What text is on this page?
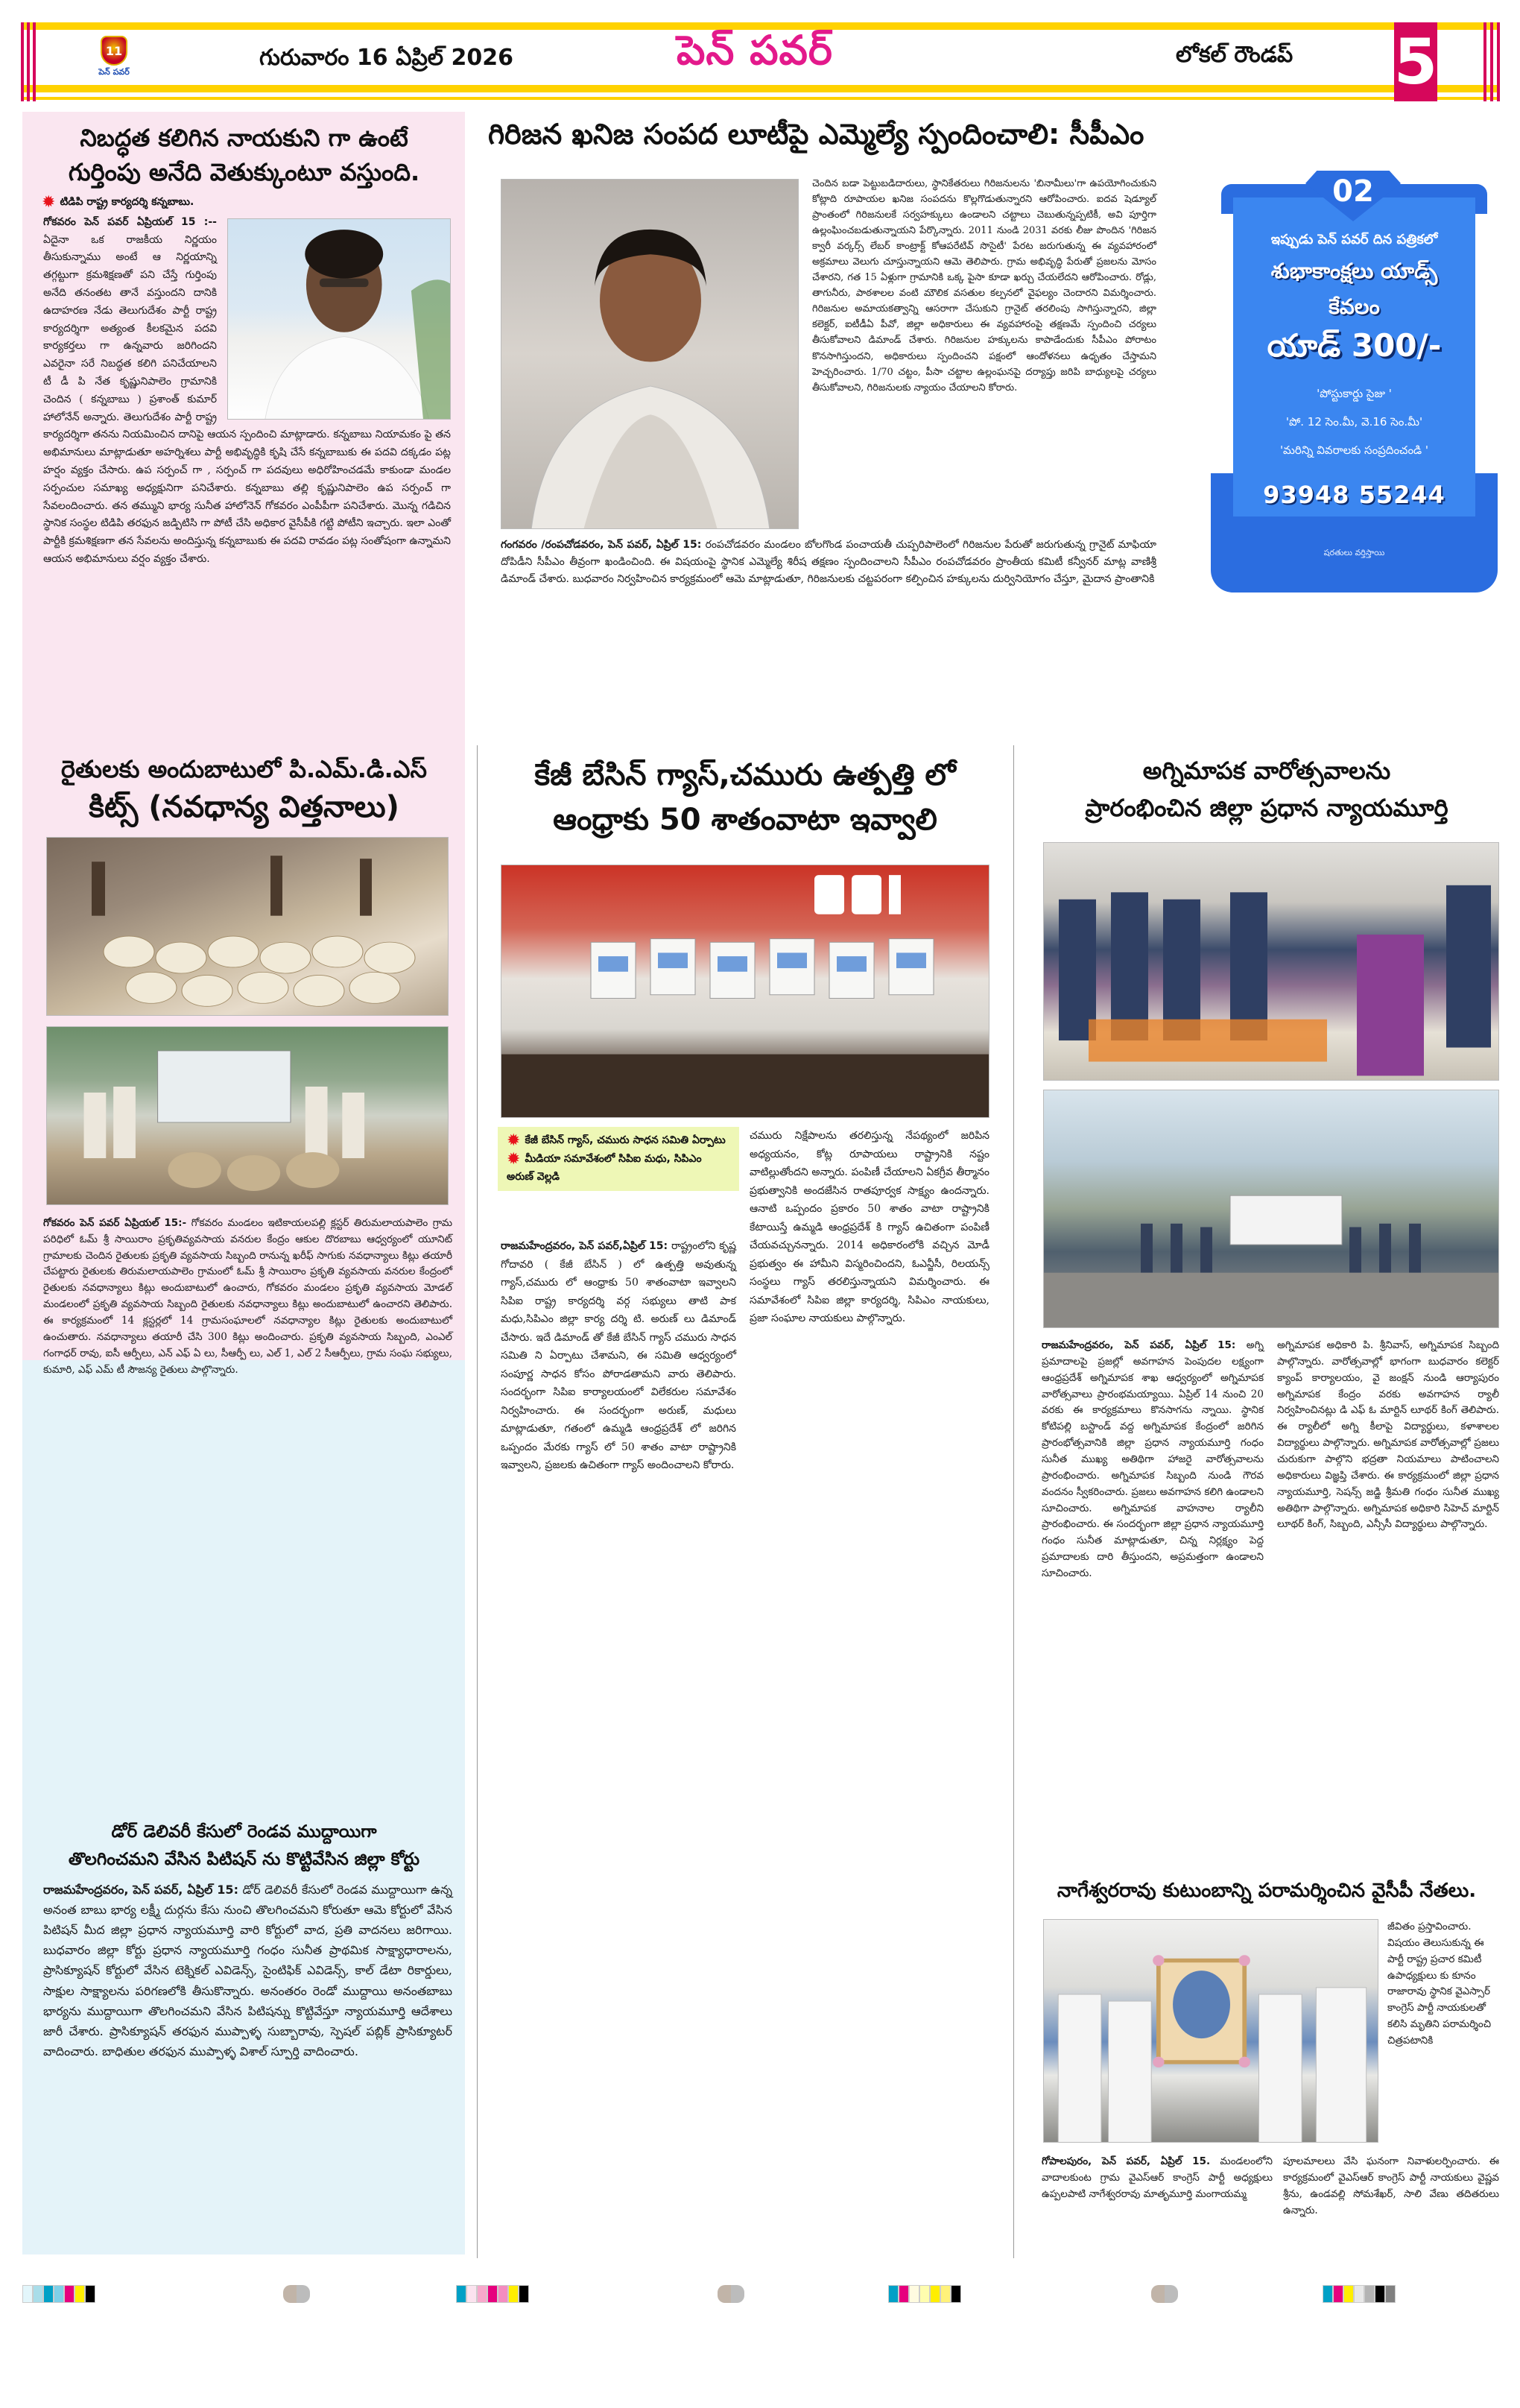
11
పెన్ పవర్
గురువారం 16 ఏప్రిల్ 2026	పెన్ పవర్	లోకల్ రౌండప్ 5
నిబద్ధత కలిగిన నాయకుని గా ఉంటే
గుర్తింపు అనేది వెతుక్కుంటూ వస్తుంది.
✹ టిడిపి రాష్ట్ర కార్యదర్శి కన్నబాబు.
గోకవరం పెన్ పవర్ ఏప్రియల్ 15 :-- ఏదైనా ఒక రాజకీయ నిర్ణయం తీసుకున్నాము అంటే ఆ నిర్ణయాన్ని తగ్గట్టుగా క్రమశిక్షణతో పని చేస్తే గుర్తింపు అనేది తనంతట తానే వస్తుందని దానికి ఉదాహరణ నేడు తెలుగుదేశం పార్టీ రాష్ట్ర కార్యదర్శిగా అత్యంత కీలకమైన పదవి కార్యకర్తలు గా ఉన్నవారు జరిగిందని ఎవరైనా సరే నిబద్ధత కలిగి పనిచేయాలని టీ డీ పి నేత కృష్ణునిపాలెం గ్రామానికి చెందిన ( కన్నబాబు ) ప్రశాంత్ కుమార్ హాలోనేన్ అన్నారు. తెలుగుదేశం పార్టీ రాష్ట్ర కార్యదర్శిగా తనను నియమించిన దానిపై ఆయన స్పందించి మాట్లాడారు. కన్నబాబు నియామకం పై తన అభిమానులు మాట్లాడుతూ అహర్నిశలు పార్టీ అభివృద్ధికి కృషి చేసే కన్నబాబుకు ఈ పదవి దక్కడం పట్ల హర్షం వ్యక్తం చేసారు. ఉప సర్పంచ్ గా , సర్పంచ్ గా పదవులు అధిరోహించడమే కాకుండా మండల సర్పంచుల సమాఖ్య అధ్యక్షునిగా పనిచేశారు. కన్నబాబు తల్లి కృష్ణునిపాలెం ఉప సర్పంచ్ గా సేవలందించారు. తన తమ్ముని భార్య సునీత హాలోనెన్ గోకవరం ఎంపీపీగా పనిచేశారు. మొన్న గడిచిన స్థానిక సంస్థల టిడిపి తరఫున జడ్పిటిసి గా పోటీ చేసి అధికార వైసీపీకి గట్టి పోటీని ఇచ్చారు. ఇలా ఎంతో పార్టీకి క్రమశిక్షణగా తన సేవలను అందిస్తున్న కన్నబాబుకు ఈ పదవి రావడం పట్ల సంతోషంగా ఉన్నామని ఆయన అభిమానులు వర్షం వ్యక్తం చేశారు.
రైతులకు అందుబాటులో పి.ఎమ్.డి.ఎస్
కిట్స్ (నవధాన్య విత్తనాలు)

గోకవరం పెన్ పవర్ ఏప్రియల్ 15:- గోకవరం మండలం ఇటికాయలపల్లి క్లస్టర్ తిరుమలాయపాలెం గ్రామ పరిధిలో ఓమ్ శ్రీ సాయిరాం ప్రకృతివ్యవసాయ వనరుల కేంద్రం ఆకుల దొరబాబు ఆధ్వర్యంలో యూనిట్ గ్రామాలకు చెందిన రైతులకు ప్రకృతి వ్యవసాయ సిబ్బంది రానున్న ఖరీఫ్ సాగుకు నవధాన్యాలు కిట్లు తయారీ చేపట్టారు రైతులకు తిరుమలాయపాలెం గ్రామంలో ఓమ్ శ్రీ సాయిరాం ప్రకృతి వ్యవసాయ వనరుల కేంద్రంలో రైతులకు నవధాన్యాలు కిట్లు అందుబాటులో ఉంచారు, గోకవరం మండలం ప్రకృతి వ్యవసాయ మోడల్ మండలంలో ప్రకృతి వ్యవసాయ సిబ్బంది రైతులకు నవధాన్యాలు కిట్లు అందుబాటులో ఉంచారని తెలిపారు. ఈ కార్యక్రమంలో 14 క్లస్టర్లలో 14 గ్రామసంఘాలలో నవధాన్యాల కిట్లు రైతులకు అందుబాటులో ఉంచుతారు. నవధాన్యాలు తయారీ చేసి 300 కిట్లు అందించారు. ప్రకృతి వ్యవసాయ సిబ్బంది, ఎంఎల్ గంగాధర్ రావు, ఐసీ ఆర్పీలు, ఎన్ ఎఫ్ ఏ లు, సీఆర్పీ లు, ఎల్ 1, ఎల్ 2 సీఆర్పీలు, గ్రామ సంఘ సభ్యులు, కుమారి, ఎఫ్ ఎమ్ టీ సౌజన్య రైతులు పాల్గొన్నారు.

డోర్ డెలివరీ కేసులో రెండవ ముద్దాయిగా
తొలగించమని వేసిన పిటిషన్ ను కొట్టివేసిన జిల్లా కోర్టు

రాజమహేంద్రవరం, పెన్ పవర్, ఏప్రిల్ 15: డోర్ డెలివరీ కేసులో రెండవ ముద్దాయిగా ఉన్న అనంత బాబు భార్య లక్ష్మీ దుర్గను కేసు నుంచి తొలగించమని కోరుతూ ఆమె కోర్టులో వేసిన పిటిషన్ మీద జిల్లా ప్రధాన న్యాయమూర్తి వారి కోర్టులో వాద, ప్రతి వాదనలు జరిగాయి. బుధవారం జిల్లా కోర్టు ప్రధాన న్యాయమూర్తి గంధం సునీత ప్రాథమిక సాక్ష్యాధారాలను, ప్రాసిక్యూషన్ కోర్టులో వేసిన టెక్నికల్ ఎవిడెన్స్, సైంటిఫిక్ ఎవిడెన్స్, కాల్ డేటా రికార్డులు, సాక్షుల సాక్ష్యాలను పరిగణలోకి తీసుకొన్నారు. అనంతరం రెండో ముద్దాయి అనంతబాబు భార్యను ముద్దాయిగా తొలగించమని వేసిన పిటిషన్ను కొట్టివేస్తూ న్యాయమూర్తి ఆదేశాలు జారీ చేశారు. ప్రాసిక్యూషన్ తరఫున ముప్పాళ్ళ సుబ్బారావు, స్పెషల్ పబ్లిక్ ప్రాసిక్యూటర్ వాదించారు. బాధితుల తరఫున ముప్పాళ్ళ విశాల్ స్పూర్తి వాదించారు.

గిరిజన ఖనిజ సంపద లూటీపై ఎమ్మెల్యే స్పందించాలి: సీపీఎం

చెందిన బడా పెట్టుబడిదారులు, స్థానికేతరులు గిరిజనులను 'బినామీలు'గా ఉపయోగించుకుని కోట్లాది రూపాయల ఖనిజ సంపదను కొల్లగొడుతున్నారని ఆరోపించారు. ఐదవ షెడ్యూల్ ప్రాంతంలో గిరిజనులకే సర్వహక్కులు ఉండాలని చట్టాలు చెబుతున్నప్పటికీ, అవి పూర్తిగా ఉల్లంఘించబడుతున్నాయని పేర్కొన్నారు. 2011 నుండి 2031 వరకు లీజు పొందిన 'గిరిజన క్వారీ వర్కర్స్ లేబర్ కాంట్రాక్ట్ కోఆపరేటివ్ సొసైటీ' పేరట జరుగుతున్న ఈ వ్యవహారంలో అక్రమాలు వెలుగు చూస్తున్నాయని ఆమె తెలిపారు. గ్రామ అభివృద్ధి పేరుతో ప్రజలను మోసం చేశారని, గత 15 ఏళ్లుగా గ్రామానికి ఒక్క పైసా కూడా ఖర్చు చేయలేదని ఆరోపించారు. రోడ్లు, తాగునీరు, పాఠశాలల వంటి మౌలిక వసతుల కల్పనలో వైఫల్యం చెందారని విమర్శించారు. గిరిజనుల అమాయకత్వాన్ని ఆసరాగా చేసుకుని గ్రానైట్ తరలింపు సాగిస్తున్నారని, జిల్లా కలెక్టర్, ఐటీడీఏ పీవో, జిల్లా అధికారులు ఈ వ్యవహారంపై తక్షణమే స్పందించి చర్యలు తీసుకోవాలని డిమాండ్ చేశారు. గిరిజనుల హక్కులను కాపాడేందుకు సీపీఎం పోరాటం కొనసాగిస్తుందని, అధికారులు స్పందించని పక్షంలో ఆందోళనలు ఉధృతం చేస్తామని హెచ్చరించారు. 1/70 చట్టం, పీసా చట్టాల ఉల్లంఘనపై దర్యాప్తు జరిపి బాధ్యులపై చర్యలు తీసుకోవాలని, గిరిజనులకు న్యాయం చేయాలని కోరారు.

గంగవరం /రంపచోడవరం, పెన్ పవర్, ఏప్రిల్ 15: రంపచోడవరం మండలం బోలగొండ పంచాయతీ చుప్పరిపాలెంలో గిరిజనుల పేరుతో జరుగుతున్న గ్రానైట్ మాఫియా దోపిడీని సీపీఎం తీవ్రంగా ఖండించింది. ఈ విషయంపై స్థానిక ఎమ్మెల్యే శిరీష తక్షణం స్పందించాలని సీపీఎం రంపచోడవరం ప్రాంతీయ కమిటీ కన్వీనర్ మాట్ల వాణిశ్రీ డిమాండ్ చేశారు. బుధవారం నిర్వహించిన కార్యక్రమంలో ఆమె మాట్లాడుతూ, గిరిజనులకు చట్టపరంగా కల్పించిన హక్కులను దుర్వినియోగం చేస్తూ, మైదాన ప్రాంతానికి

కేజీ బేసిన్ గ్యాస్,చమురు ఉత్పత్తి లో
ఆంధ్రాకు 50 శాతంవాటా ఇవ్వాలి
✹ కేజీ బేసిన్ గ్యాస్, చమురు సాధన సమితి ఏర్పాటు
✹ మీడియా సమావేశంలో సిపిఐ మధు, సిపిఎం అరుణ్ వెల్లడి

రాజమహేంద్రవరం, పెన్ పవర్,ఏప్రిల్ 15: రాష్ట్రంలోని కృష్ణ గోదావరి ( కేజీ బేసిన్ ) లో ఉత్పత్తి అవుతున్న గ్యాస్,చమురు లో ఆంధ్రాకు 50 శాతంవాటా ఇవ్వాలని సిపిఐ రాష్ట్ర కార్యదర్శి వర్గ సభ్యులు తాటి పాక మధు,సిపిఎం జిల్లా కార్య దర్శి టి. అరుణ్ లు డిమాండ్ చేసారు. ఇదే డిమాండ్ తో కేజీ బేసిన్ గ్యాస్ చమురు సాధన సమితి ని ఏర్పాటు చేశామని, ఈ సమితి ఆధ్వర్యంలో సంపూర్ణ సాధన కోసం పోరాడతామని వారు తెలిపారు. సందర్భంగా సిపిఐ కార్యాలయంలో విలేకరుల సమావేశం నిర్వహించారు. ఈ సందర్భంగా అరుణ్, మధులు మాట్లాడుతూ, గతంలో ఉమ్మడి ఆంధ్రప్రదేశ్ లో జరిగిన ఒప్పందం మేరకు గ్యాస్ లో 50 శాతం వాటా రాష్ట్రానికి ఇవ్వాలని, ప్రజలకు ఉచితంగా గ్యాస్ అందించాలని కోరారు.

చమురు నిక్షేపాలను తరలిస్తున్న నేపథ్యంలో జరిపిన అధ్యయనం, కోట్ల రూపాయలు రాష్ట్రానికి నష్టం వాటిల్లుతోందని అన్నారు. పంపిణీ చేయాలని ఏకగ్రీవ తీర్మానం ప్రభుత్వానికి అందజేసిన రాతపూర్వక సాక్ష్యం ఉందన్నారు. ఆనాటి ఒప్పందం ప్రకారం 50 శాతం వాటా రాష్ట్రానికి కేటాయిస్తే ఉమ్మడి ఆంధ్రప్రదేశ్ కి గ్యాస్ ఉచితంగా పంపిణీ చేయవచ్చునన్నారు. 2014 అధికారంలోకి వచ్చిన మోడీ ప్రభుత్వం ఈ హామీని విస్మరించిందని, ఓఎన్జీసీ, రిలయన్స్ సంస్థలు గ్యాస్ తరలిస్తున్నాయని విమర్శించారు. ఈ సమావేశంలో సిపిఐ జిల్లా కార్యదర్శి, సిపిఎం నాయకులు, ప్రజా సంఘాల నాయకులు పాల్గొన్నారు.

02
ఇప్పుడు పెన్ పవర్ దిన పత్రికలో
శుభాకాంక్షలు యాడ్స్
కేవలం
యాడ్ 300/-
'పోస్టుకార్డు సైజు '
'పో. 12 సెం.మీ, వె.16 సెం.మీ'
'మరిన్ని వివరాలకు సంప్రదించండి '
93948 55244
షరతులు వర్తిస్తాయి
అగ్నిమాపక వారోత్సవాలను
ప్రారంభించిన జిల్లా ప్రధాన న్యాయమూర్తి

రాజమహేంద్రవరం, పెన్ పవర్, ఏప్రిల్ 15: అగ్ని ప్రమాదాలపై ప్రజల్లో అవగాహన పెంపుదల లక్ష్యంగా ఆంధ్రప్రదేశ్ అగ్నిమాపక శాఖ ఆధ్వర్యంలో అగ్నిమాపక వారోత్సవాలు ప్రారంభమయ్యాయి. ఏప్రిల్ 14 నుంచి 20 వరకు ఈ కార్యక్రమాలు కొనసాగను న్నాయి. స్థానిక కోటిపల్లి బస్టాండ్ వద్ద అగ్నిమాపక కేంద్రంలో జరిగిన ప్రారంభోత్సవానికి జిల్లా ప్రధాన న్యాయమూర్తి గంధం సునీత ముఖ్య అతిథిగా హాజరై వారోత్సవాలను ప్రారంభించారు. అగ్నిమాపక సిబ్బంది నుండి గౌరవ వందనం స్వీకరించారు. ప్రజలు అవగాహన కలిగి ఉండాలని సూచించారు. అగ్నిమాపక వాహనాల ర్యాలీని ప్రారంభించారు. ఈ సందర్భంగా జిల్లా ప్రధాన న్యాయమూర్తి గంధం సునీత మాట్లాడుతూ, చిన్న నిర్లక్ష్యం పెద్ద ప్రమాదాలకు దారి తీస్తుందని, అప్రమత్తంగా ఉండాలని సూచించారు.

అగ్నిమాపక అధికారి పి. శ్రీనివాస్, అగ్నిమాపక సిబ్బంది పాల్గొన్నారు. వారోత్సవాల్లో భాగంగా బుధవారం కలెక్టర్ క్యాంప్ కార్యాలయం, వై జంక్షన్ నుండి ఆర్యాపురం అగ్నిమాపక కేంద్రం వరకు అవగాహన ర్యాలీ నిర్వహించినట్లు డి ఎఫ్ ఓ మార్టిన్ లూథర్ కింగ్ తెలిపారు. ఈ ర్యాలీలో అగ్ని కీలాపై విద్యార్థులు, కళాశాలల విద్యార్థులు పాల్గొన్నారు. అగ్నిమాపక వారోత్సవాల్లో ప్రజలు చురుకుగా పాల్గొని భద్రతా నియమాలు పాటించాలని అధికారులు విజ్ఞప్తి చేశారు. ఈ కార్యక్రమంలో జిల్లా ప్రధాన న్యాయమూర్తి, సెషన్స్ జడ్జి శ్రీమతి గంధం సునీత ముఖ్య అతిథిగా పాల్గొన్నారు. అగ్నిమాపక అధికారి సిహెచ్ మార్టిన్ లూథర్ కింగ్, సిబ్బంది, ఎన్సీసీ విద్యార్థులు పాల్గొన్నారు.

నాగేశ్వరరావు కుటుంబాన్ని పరామర్శించిన వైసీపీ నేతలు.

జీవితం ప్రస్తావించారు. విషయం తెలుసుకున్న ఈ పార్టీ రాష్ట్ర ప్రచార కమిటీ ఉపాధ్యక్షులు కు కూనం రాజారావు స్థానిక వైఎస్సార్ కాంగ్రెస్ పార్టీ నాయకులతో కలిసి మృతిని పరామర్శించి చిత్రపటానికి

గోపాలపురం, పెన్ పవర్, ఏప్రిల్ 15. మండలంలోని వాదాలకుంట గ్రామ వైఎస్ఆర్ కాంగ్రెస్ పార్టీ అధ్యక్షులు ఉప్పలపాటి నాగేశ్వరరావు మాతృమూర్తి మంగాయమ్మ

పూలమాలలు వేసి ఘనంగా నివాళులర్పించారు. ఈ కార్యక్రమంలో వైఎస్ఆర్ కాంగ్రెస్ పార్టీ నాయకులు వైష్ణవ శ్రీను, ఉండవల్లి సోమశేఖర్, సాలి వేణు తదితరులు ఉన్నారు.
